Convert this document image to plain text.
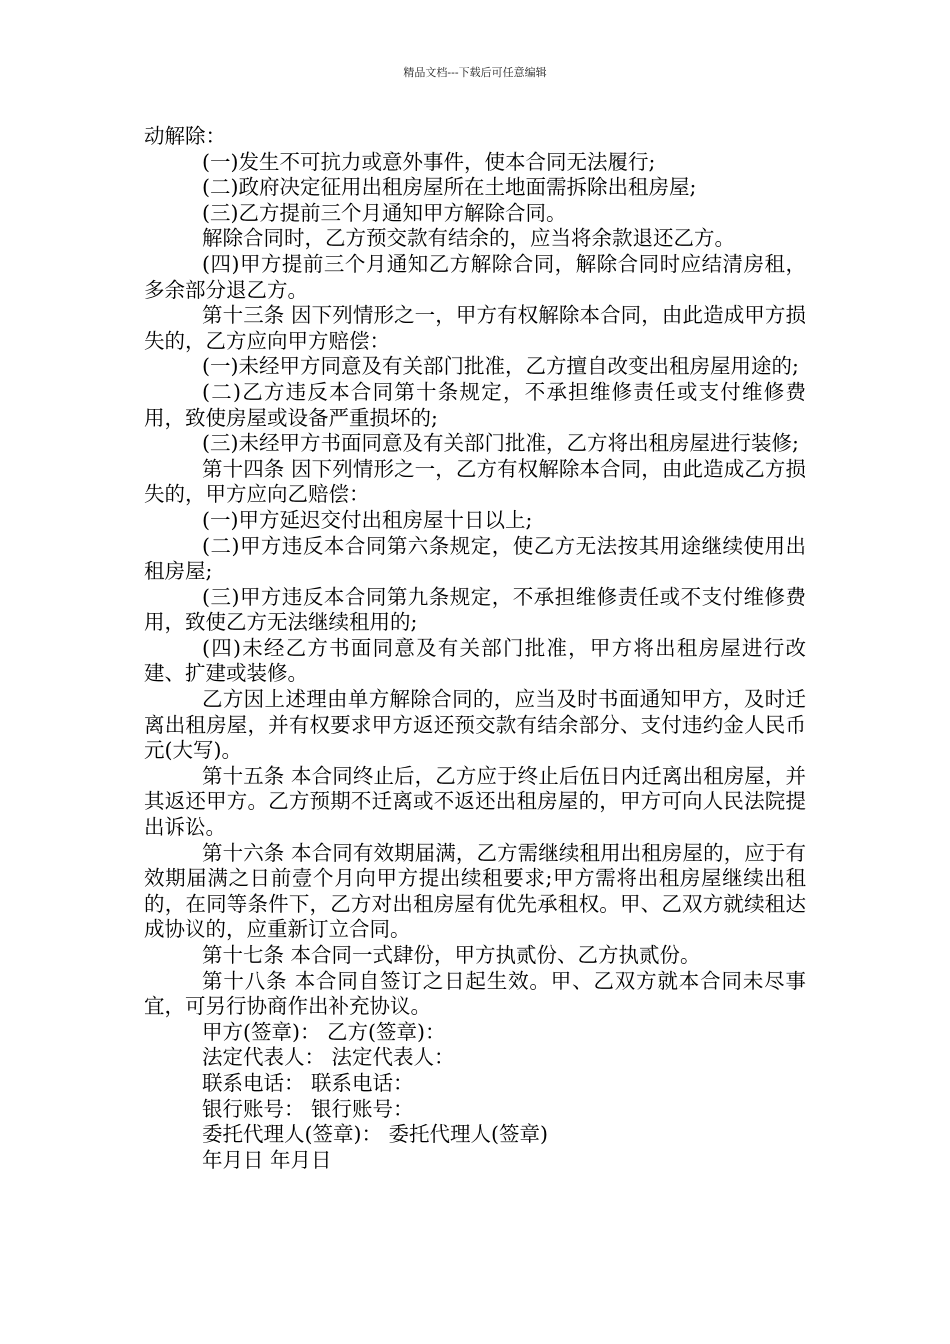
精品文档---下载后可任意编辑

动解除：

(一)发生不可抗力或意外事件，使本合同无法履行;

(二)政府决定征用出租房屋所在土地面需拆除出租房屋;

(三)乙方提前三个月通知甲方解除合同。

解除合同时，乙方预交款有结余的，应当将余款退还乙方。

(四)甲方提前三个月通知乙方解除合同，解除合同时应结清房租，多余部分退乙方。

第十三条 因下列情形之一，甲方有权解除本合同，由此造成甲方损失的，乙方应向甲方赔偿：

(一)未经甲方同意及有关部门批准，乙方擅自改变出租房屋用途的;

(二)乙方违反本合同第十条规定，不承担维修责任或支付维修费用，致使房屋或设备严重损坏的;

(三)未经甲方书面同意及有关部门批准，乙方将出租房屋进行装修;

第十四条 因下列情形之一，乙方有权解除本合同，由此造成乙方损失的，甲方应向乙赔偿：

(一)甲方延迟交付出租房屋十日以上;

(二)甲方违反本合同第六条规定，使乙方无法按其用途继续使用出租房屋;

(三)甲方违反本合同第九条规定，不承担维修责任或不支付维修费用，致使乙方无法继续租用的;

(四)未经乙方书面同意及有关部门批准，甲方将出租房屋进行改建、扩建或装修。

乙方因上述理由单方解除合同的，应当及时书面通知甲方，及时迁离出租房屋，并有权要求甲方返还预交款有结余部分、支付违约金人民币 元(大写)。

第十五条 本合同终止后，乙方应于终止后伍日内迁离出租房屋，并其返还甲方。乙方预期不迁离或不返还出租房屋的，甲方可向人民法院提出诉讼。

第十六条 本合同有效期届满，乙方需继续租用出租房屋的，应于有效期届满之日前壹个月向甲方提出续租要求;甲方需将出租房屋继续出租的，在同等条件下，乙方对出租房屋有优先承租权。甲、乙双方就续租达成协议的，应重新订立合同。

第十七条 本合同一式肆份，甲方执贰份、乙方执贰份。

第十八条 本合同自签订之日起生效。甲、乙双方就本合同未尽事宜，可另行协商作出补充协议。

甲方(签章)： 乙方(签章)：

法定代表人： 法定代表人：

联系电话： 联系电话：

银行账号： 银行账号：

委托代理人(签章)： 委托代理人(签章)

年月日 年月日
